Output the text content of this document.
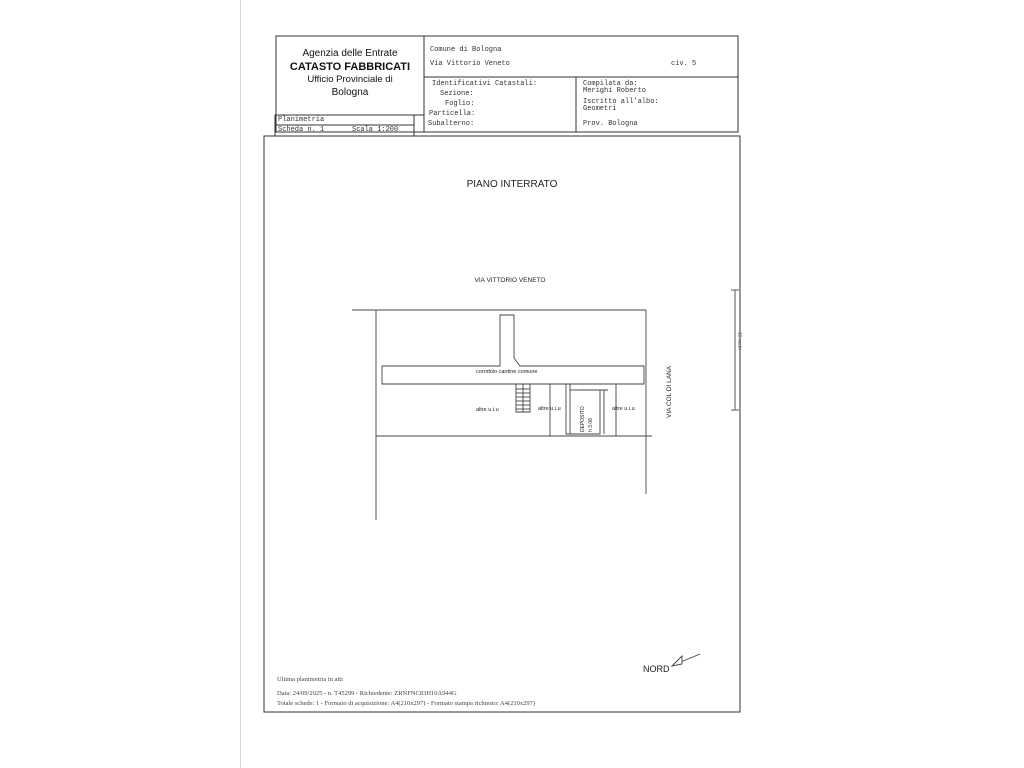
Agenzia delle Entrate
CATASTO FABBRICATI
Ufficio Provinciale di
Bologna
Comune di Bologna
Via Vittorio Veneto	civ. 5
Identificativi Catastali:
Sezione:
Foglio:
Particella:
Subalterno:
Compilata da:
Merighi Roberto
Iscritto all'albo:
Geometri
Prov. Bologna
Planimetria
Scheda n. 1	Scala 1:200
PIANO INTERRATO
VIA VITTORIO VENETO
VIA COL DI LANA
corridoio cantine comune
altre u.i.u	altre u.i.u	altre u.i.u
DEPOSITO h 3.08
10 metri
NORD
Ultima planimetria in atti
Data: 24/09/2025 - n. T45299 - Richiedente: ZRNFNC83H10A944G
Totale schede: 1 - Formato di acquisizione: A4(210x297) - Formato stampa richiesto: A4(210x297)
